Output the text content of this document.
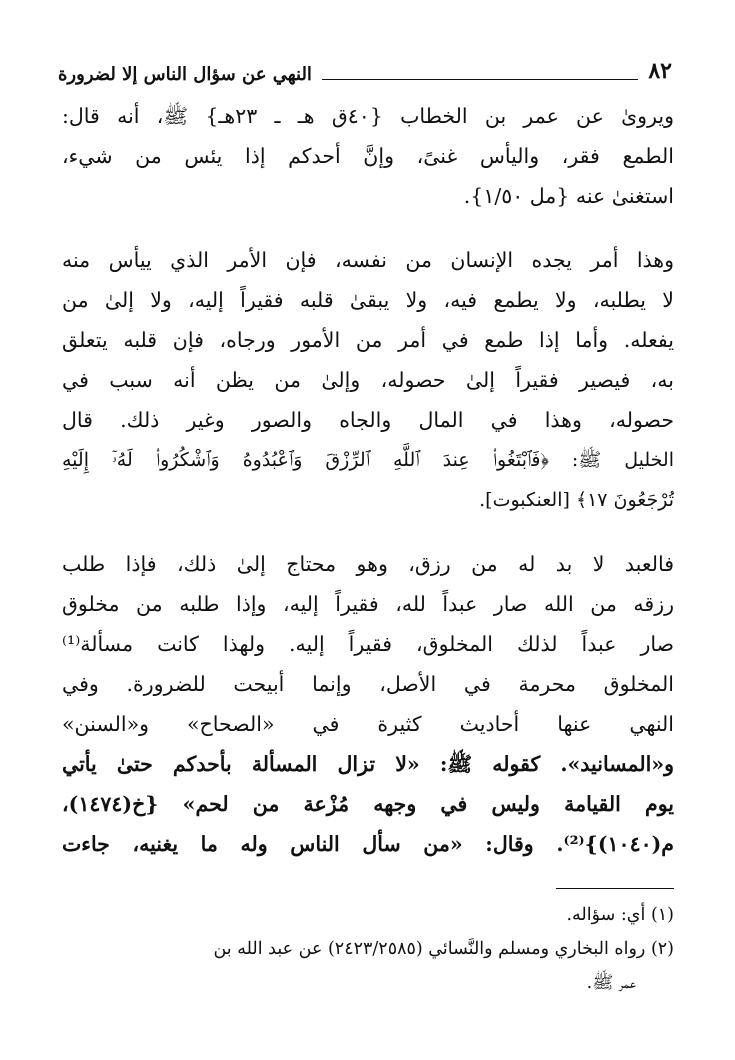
٨٢
النهي عن سؤال الناس إلا لضرورة
ويروىٰ عن عمر بن الخطاب {٤٠ق هـ ـ ٢٣هـ} ﷺ، أنه قال:
الطمع فقر، واليأس غنىً، وإنَّ أحدكم إذا يئس من شيء،
استغنىٰ عنه {مل ١/٥٠}.
وهذا أمر يجده الإنسان من نفسه، فإن الأمر الذي ييأس منه
لا يطلبه، ولا يطمع فيه، ولا يبقىٰ قلبه فقيراً إليه، ولا إلىٰ من
يفعله. وأما إذا طمع في أمر من الأمور ورجاه، فإن قلبه يتعلق
به، فيصير فقيراً إلىٰ حصوله، وإلىٰ من يظن أنه سبب في
حصوله، وهذا في المال والجاه والصور وغير ذلك. قال
الخليل ﷺ: ﴿فَٱبْتَغُوا۟ عِندَ ٱللَّهِ ٱلرِّزْقَ وَٱعْبُدُوهُ وَٱشْكُرُوا۟ لَهُۥٓ إِلَيْهِ
تُرْجَعُونَ ١٧﴾ [العنكبوت].
فالعبد لا بد له من رزق، وهو محتاج إلىٰ ذلك، فإذا طلب
رزقه من الله صار عبداً لله، فقيراً إليه، وإذا طلبه من مخلوق
صار عبداً لذلك المخلوق، فقيراً إليه. ولهذا كانت مسألة⁽¹⁾
المخلوق محرمة في الأصل، وإنما أبيحت للضرورة. وفي
النهي عنها أحاديث كثيرة في «الصحاح» و«السنن»
و«المسانيد». كقوله ﷺ: «لا تزال المسألة بأحدكم حتىٰ يأتي
يوم القيامة وليس في وجهه مُزْعة من لحم» {خ(١٤٧٤)،
م(١٠٤٠)}⁽²⁾. وقال: «من سأل الناس وله ما يغنيه، جاءت
(١) أي: سؤاله.
(٢) رواه البخاري ومسلم والنَّسائي (٢٤٢٣/٢٥٨٥) عن عبد الله بن
عمر ﷺ.
